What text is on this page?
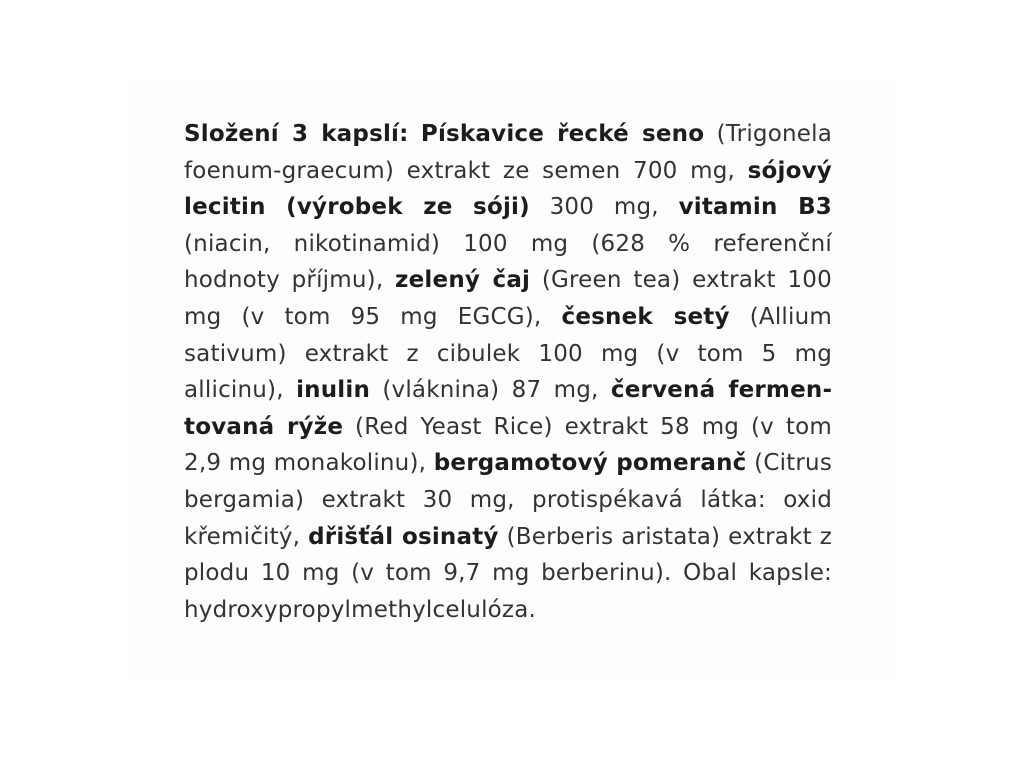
Složení 3 kapslí: Pískavice řecké seno (Trigonela foenum-graecum) extrakt ze semen 700 mg, sójový lecitin (výrobek ze sóji) 300 mg, vitamin B3 (niacin, nikotinamid) 100 mg (628 % referenční hodnoty příjmu), zelený čaj (Green tea) extrakt 100 mg (v tom 95 mg EGCG), česnek setý (Allium sativum) extrakt z cibulek 100 mg (v tom 5 mg allicinu), inulin (vláknina) 87 mg, červená fermentovaná rýže (Red Yeast Rice) extrakt 58 mg (v tom 2,9 mg monakolinu), bergamotový pomeranč (Citrus bergamia) extrakt 30 mg, protispékavá látka: oxid křemičitý, dřišťál osinatý (Berberis aristata) extrakt z plodu 10 mg (v tom 9,7 mg berberinu). Obal kapsle: hydroxypropylmethylcelulóza.
